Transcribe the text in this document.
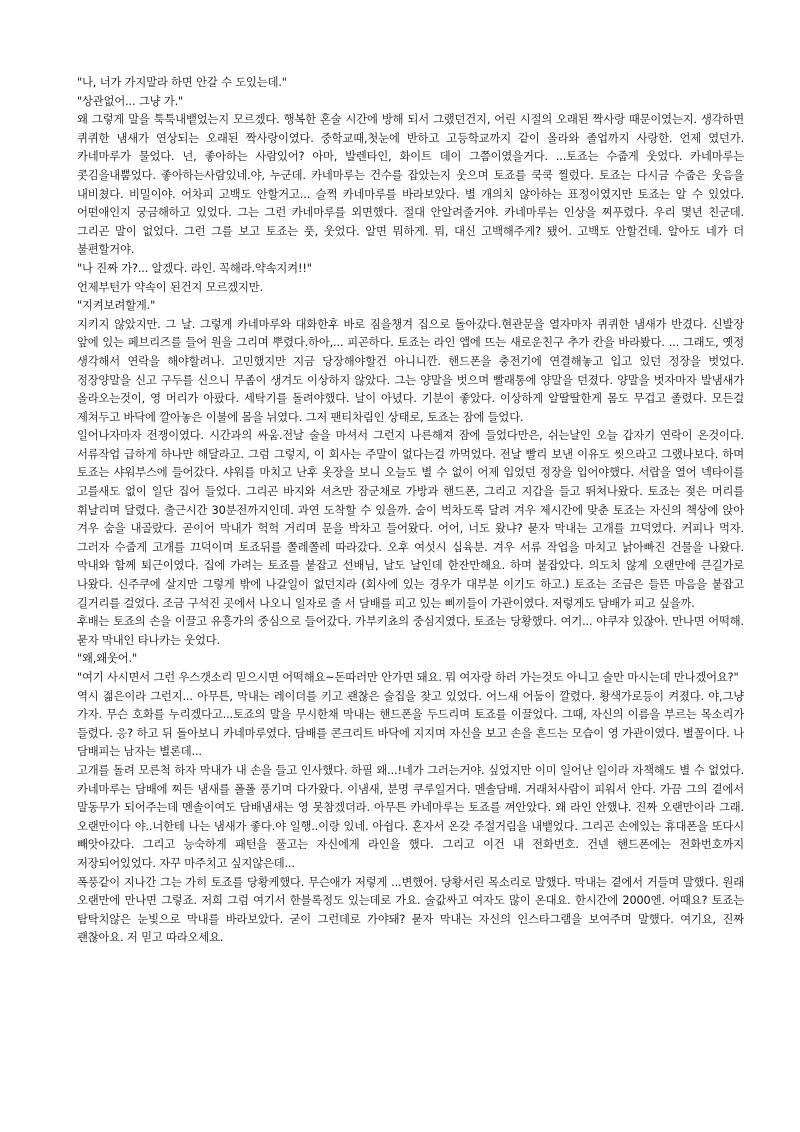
"나, 너가 가지말라 하면 안갈 수 도있는데."

"상관없어... 그냥 가."

왜 그렇게 말을 툭툭내뱉었는지 모르겠다. 행복한 혼술 시간에 방해 되서 그랬던건지, 어린 시절의 오래된 짝사랑 때문이였는지. 생각하면 퀴퀴한 냄새가 연상되는 오래된 짝사랑이였다. 중학교때,첫눈에 반하고 고등학교까지 같이 올라와 졸업까지 사랑한. 언제 였던가. 카네마루가 물었다. 넌, 좋아하는 사람있어? 아마, 발렌타인, 화이트 데이 그쯤이였을거다. ...토죠는 수줍게 웃었다. 카네마루는 콧김을내뿜었다. 좋아하는사람있네.야, 누군데. 카네마루는 건수를 잡았는지 웃으며 토죠를 쿡쿡 찔렀다. 토죠는 다시금 수줍은 웃음을 내비쳤다. 비밀이야. 어차피 고백도 안할거고... 슬쩍 카네마루를 바라보았다. 별 개의치 않아하는 표정이였지만 토죠는 알 수 있었다. 어떤애인지 궁금해하고 있었다. 그는 그런 카네마루를 외면했다. 절대 안알려줄거야. 카네마루는 인상을 찌푸렸다. 우리 몇년 친군데. 그리곤 말이 없었다. 그런 그를 보고 토죠는 풋, 웃었다. 알면 뭐하게. 뭐, 대신 고백해주게? 됐어. 고백도 안할건데. 알아도 네가 더 불편할거야.

"나 진짜 가?... 알겠다. 라인. 꼭해라.약속지켜!!"

언제부턴가 약속이 된건지 모르겠지만.

"지켜보려할게."

지키지 않았지만. 그 날. 그렇게 카네마루와 대화한후 바로 짐을챙겨 집으로 돌아갔다.현관문을 열자마자 퀴퀴한 냄새가 반겼다. 신발장 앞에 있는 페브리즈를 들어 원을 그리며 뿌렸다.하아,... 피곤하다. 토죠는 라인 앱에 뜨는 새로운친구 추가 칸을 바라봤다. ... 그래도, 옛정 생각해서 연락을 해야할려나. 고민했지만 지금 당장해야할건 아니니깐. 핸드폰을 충전기에 연결해놓고 입고 있던 정장을 벗었다. 정장양말을 신고 구두를 신으니 무좀이 생겨도 이상하지 않았다. 그는 양말을 벗으며 빨래통에 양말을 던졌다. 양말을 벗자마자 발냄새가 올라오는것이, 영 머리가 아팠다. 세탁기를 돌려야했다. 날이 아녔다. 기분이 좋았다. 이상하게 알딸딸한게 몸도 무겁고 졸렸다. 모든걸 제쳐두고 바닥에 깔아놓은 이불에 몸을 뉘였다. 그저 팬티차림인 상태로, 토죠는 잠에 들었다.

일어나자마자 전쟁이였다. 시간과의 싸움.전날 술을 마셔서 그런지 나른해져 잠에 들었다만은, 쉬는날인 오늘 갑자기 연락이 온것이다. 서류작업 급하게 하나만 해달라고. 그럼 그렇지, 이 회사는 주말이 없다는걸 까먹었다. 전날 빨리 보낸 이유도 씻으라고 그랬나보다. 하며 토죠는 샤워부스에 들어갔다. 샤워를 마치고 난후 옷장을 보니 오늘도 별 수 없이 어제 입었던 정장을 입어야했다. 서랍을 열어 넥타이를 고를새도 없이 일단 집어 들었다. 그리곤 바지와 셔츠만 잠군채로 가방과 핸드폰, 그리고 지갑을 들고 뛰쳐나왔다. 토죠는 젖은 머리를 휘날리며 달렸다. 출근시간 30분전까지인데. 과연 도착할 수 있을까. 숨이 벅차도록 달려 겨우 제시간에 맞춘 토죠는 자신의 책상에 앉아 겨우 숨을 내골랐다. 곧이어 막내가 헉헉 거리며 문을 박차고 들어왔다. 어어, 너도 왔냐? 묻자 막내는 고개를 끄덕였다. 커피나 먹자. 그러자 수줍게 고개를 끄덕이며 토죠뒤를 쫄레쫄레 따라갔다. 오후 여섯시 십육분. 겨우 서류 작업을 마치고 낡아빠진 건물을 나왔다. 막내와 함께 퇴근이였다. 집에 가려는 토죠를 붙잡고 선배님, 날도 날인데 한잔만해요. 하며 붙잡았다. 의도치 않게 오랜만에 큰길가로 나왔다. 신주쿠에 살지만 그렇게 밖에 나갈일이 없던지라 (회사에 있는 경우가 대부분 이기도 하고.) 토죠는 조금은 들뜬 마음을 붙잡고 길거리를 걸었다. 조금 구석진 곳에서 나오니 일자로 줄 서 담배를 피고 있는 삐끼들이 가관이였다. 저렇게도 담배가 피고 싶을까.

후배는 토죠의 손을 이끌고 유흥가의 중심으로 들어갔다. 가부키쵸의 중심지였다. 토죠는 당황했다. 여기... 야쿠쟈 있잖아. 만나면 어떡해. 묻자 막내인 타나카는 웃었다.

"왜,왜웃어."

"여기 사시면서 그런 우스갯소리 믿으시면 어떡해요~돈따러만 안가면 돼요. 뭐 여자랑 하러 가는것도 아니고 술만 마시는데 만나겠어요?"

역시 젊은이라 그런지... 아무튼, 막내는 레이더를 키고 괜찮은 술집을 찾고 있었다. 어느새 어둠이 깔렸다. 황색가로등이 켜졌다. 야,그냥 가자. 무슨 호화를 누리겠다고...토죠의 말을 무시한채 막내는 핸드폰을 두드리며 토죠를 이끌었다. 그때, 자신의 이름을 부르는 목소리가 들렸다. 응? 하고 뒤 돌아보니 카네마루였다. 담배를 콘크리트 바닥에 지지며 자신을 보고 손을 흔드는 모습이 영 가관이였다. 별꼴이다. 나 담배피는 남자는 별론데...

고개를 돌려 모른척 하자 막내가 내 손을 들고 인사했다. 하필 왜...!네가 그러는거야. 싶었지만 이미 일어난 일이라 자책해도 별 수 없었다. 카네마루는 담배에 찌든 냄새를 폴폴 풍기며 다가왔다. 이냄새, 분명 쿠루일거다. 멘솔담배. 거래처사람이 피워서 안다. 가끔 그의 곁에서 말동무가 되어주는데 멘솔이여도 담배냄새는 영 못참겠더라. 아무튼 카네마루는 토죠를 껴안았다. 왜 라인 안했냐. 진짜 오랜만이라 그래. 오랜만이다 야..너한테 나는 냄새가 좋다.야 일행..이랑 있네. 아쉽다. 혼자서 온갖 주절거림을 내뱉었다. 그리곤 손에있는 휴대폰을 또다시 빼앗아갔다. 그리고 능숙하게 패턴을 풀고는 자신에게 라인을 했다. 그리고 이건 내 전화번호. 건넨 핸드폰에는 전화번호까지 저장되어있었다. 자꾸 마주치고 싶지않은데...

폭풍같이 지나간 그는 가히 토죠를 당황케했다. 무슨애가 저렇게 ...변했어. 당황서린 목소리로 말했다. 막내는 곁에서 거들며 말했다. 원래 오랜만에 만나면 그렇죠. 저희 그럼 여기서 한블록정도 있는데로 가요. 술값싸고 여자도 많이 온대요. 한시간에 2000엔. 어때요? 토죠는 탐탁치않은 눈빛으로 막내를 바라보았다. 굳이 그런데로 가야돼? 묻자 막내는 자신의 인스타그램을 보여주며 말했다. 여기요, 진짜 괜찮아요. 저 믿고 따라오세요.
